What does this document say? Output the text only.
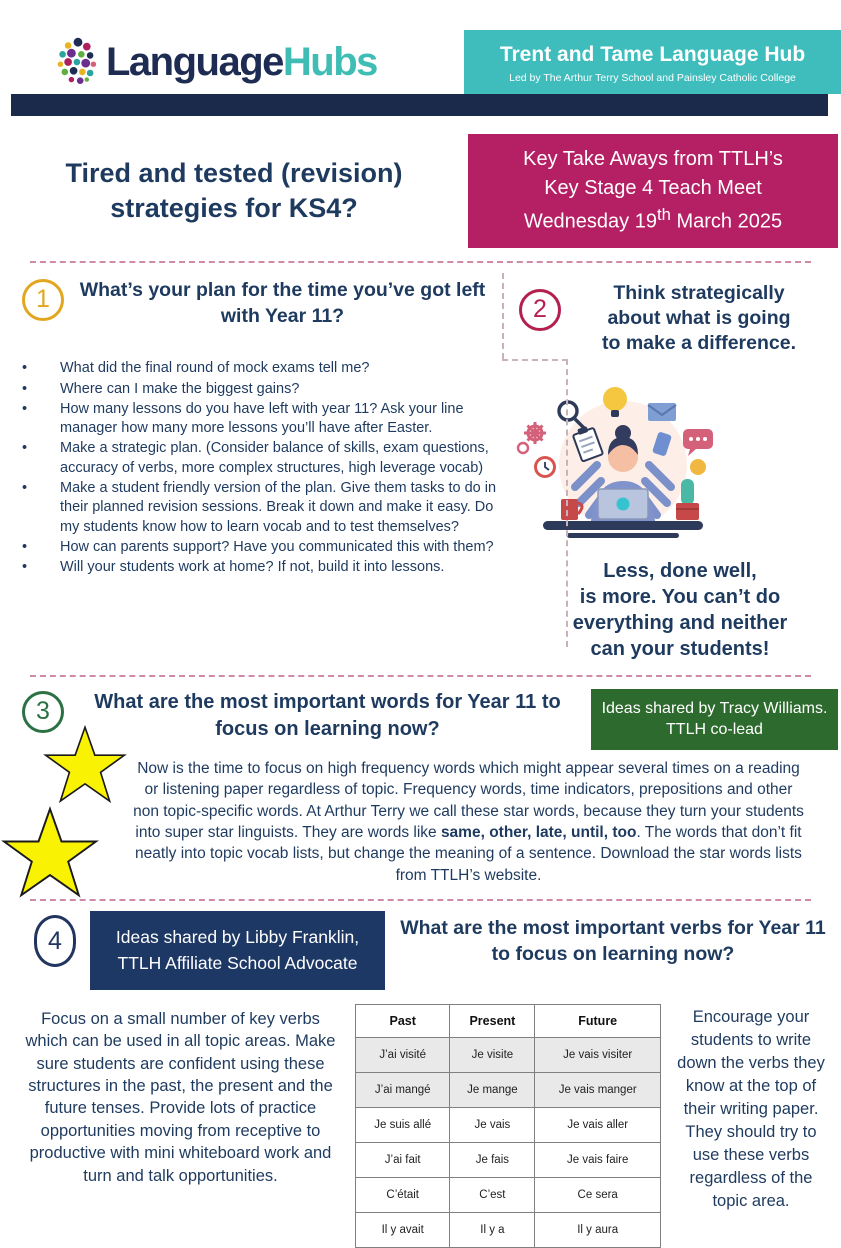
LanguageHubs	Trent and Tame Language Hub
Led by The Arthur Terry School and Painsley Catholic College
Tired and tested (revision)
strategies for KS4?
Key Take Aways from TTLH’s
Key Stage 4 Teach Meet
Wednesday 19th March 2025
1	What’s your plan for the time you’ve got left with Year 11?
•
What did the final round of mock exams tell me?
•
Where can I make the biggest gains?
•
How many lessons do you have left with year 11? Ask your line manager how many more lessons you’ll have after Easter.
•
Make a strategic plan. (Consider balance of skills, exam questions, accuracy of verbs, more complex structures, high leverage vocab)
•
Make a student friendly version of the plan. Give them tasks to do in their planned revision sessions. Break it down and make it easy. Do my students know how to learn vocab and to test themselves?
•
How can parents support? Have you communicated this with them?
•
Will your students work at home? If not, build it into lessons.
2
Think strategically
about what is going
to make a difference.
Less, done well,
is more. You can’t do
everything and neither
can your students!
3	What are the most important words for Year 11 to focus on learning now?
Ideas shared by Tracy Williams. TTLH co-lead
Now is the time to focus on high frequency words which might appear several times on a reading or listening paper regardless of topic. Frequency words, time indicators, prepositions and other non topic-specific words. At Arthur Terry we call these star words, because they turn your students into super star linguists. They are words like same, other, late, until, too. The words that don’t fit neatly into topic vocab lists, but change the meaning of a sentence. Download the star words lists from TTLH’s website.
4	Ideas shared by Libby Franklin,
TTLH Affiliate School Advocate
What are the most important verbs for Year 11 to focus on learning now?
Focus on a small number of key verbs which can be used in all topic areas. Make sure students are confident using these structures in the past, the present and the future tenses. Provide lots of practice opportunities moving from receptive to productive with mini whiteboard work and turn and talk opportunities.
Past	Present	Future
J’ai visité	Je visite	Je vais visiter
J’ai mangé	Je mange	Je vais manger
Je suis allé	Je vais	Je vais aller
J’ai fait	Je fais	Je vais faire
C’était	C’est	Ce sera
Il y avait	Il y a	Il y aura
Encourage your students to write down the verbs they know at the top of their writing paper. They should try to use these verbs regardless of the topic area.
